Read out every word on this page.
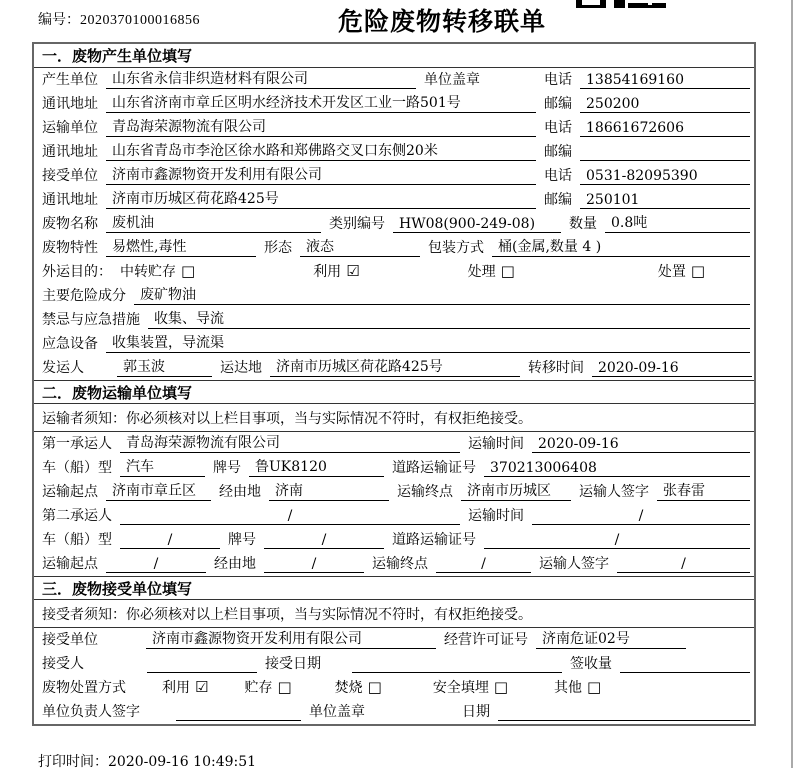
编号：2020370100016856	危险废物转移联单
一．废物产生单位填写
产生单位	山东省永信非织造材料有限公司	单位盖章	电话	13854169160
通讯地址	山东省济南市章丘区明水经济技术开发区工业一路501号	邮编	250200
运输单位	青岛海荣源物流有限公司	电话	18661672606
通讯地址	山东省青岛市李沧区徐水路和郑佛路交叉口东侧20米	邮编
接受单位	济南市鑫源物资开发利用有限公司	电话	0531-82095390
通讯地址	济南市历城区荷花路425号	邮编	250101
废物名称	废机油	类别编号	HW08(900-249-08)	数量	0.8吨
废物特性	易燃性,毒性	形态	液态	包装方式	桶(金属,数量 4 )
外运目的： 中转贮存 □	利用 ☑	处理 □	处置 □
主要危险成分	废矿物油
禁忌与应急措施	收集、导流
应急设备	收集装置，导流渠
发运人	郭玉波	运达地	济南市历城区荷花路425号	转移时间	2020-09-16
二．废物运输单位填写
运输者须知：你必须核对以上栏目事项，当与实际情况不符时，有权拒绝接受。
第一承运人	青岛海荣源物流有限公司	运输时间	2020-09-16
车（船）型	汽车	牌号	鲁UK8120	道路运输证号	370213006408
运输起点	济南市章丘区	经由地	济南	运输终点	济南市历城区	运输人签字	张春雷
第二承运人	/	运输时间	/
车（船）型	/	牌号	/	道路运输证号	/
运输起点	/	经由地	/	运输终点	/	运输人签字	/
三．废物接受单位填写
接受者须知：你必须核对以上栏目事项，当与实际情况不符时，有权拒绝接受。
接受单位	济南市鑫源物资开发利用有限公司	经营许可证号	济南危证02号
接受人	接受日期	签收量
废物处置方式	利用 ☑	贮存 □	焚烧 □	安全填埋 □	其他 □
单位负责人签字	单位盖章	日期
打印时间：2020-09-16 10:49:51
